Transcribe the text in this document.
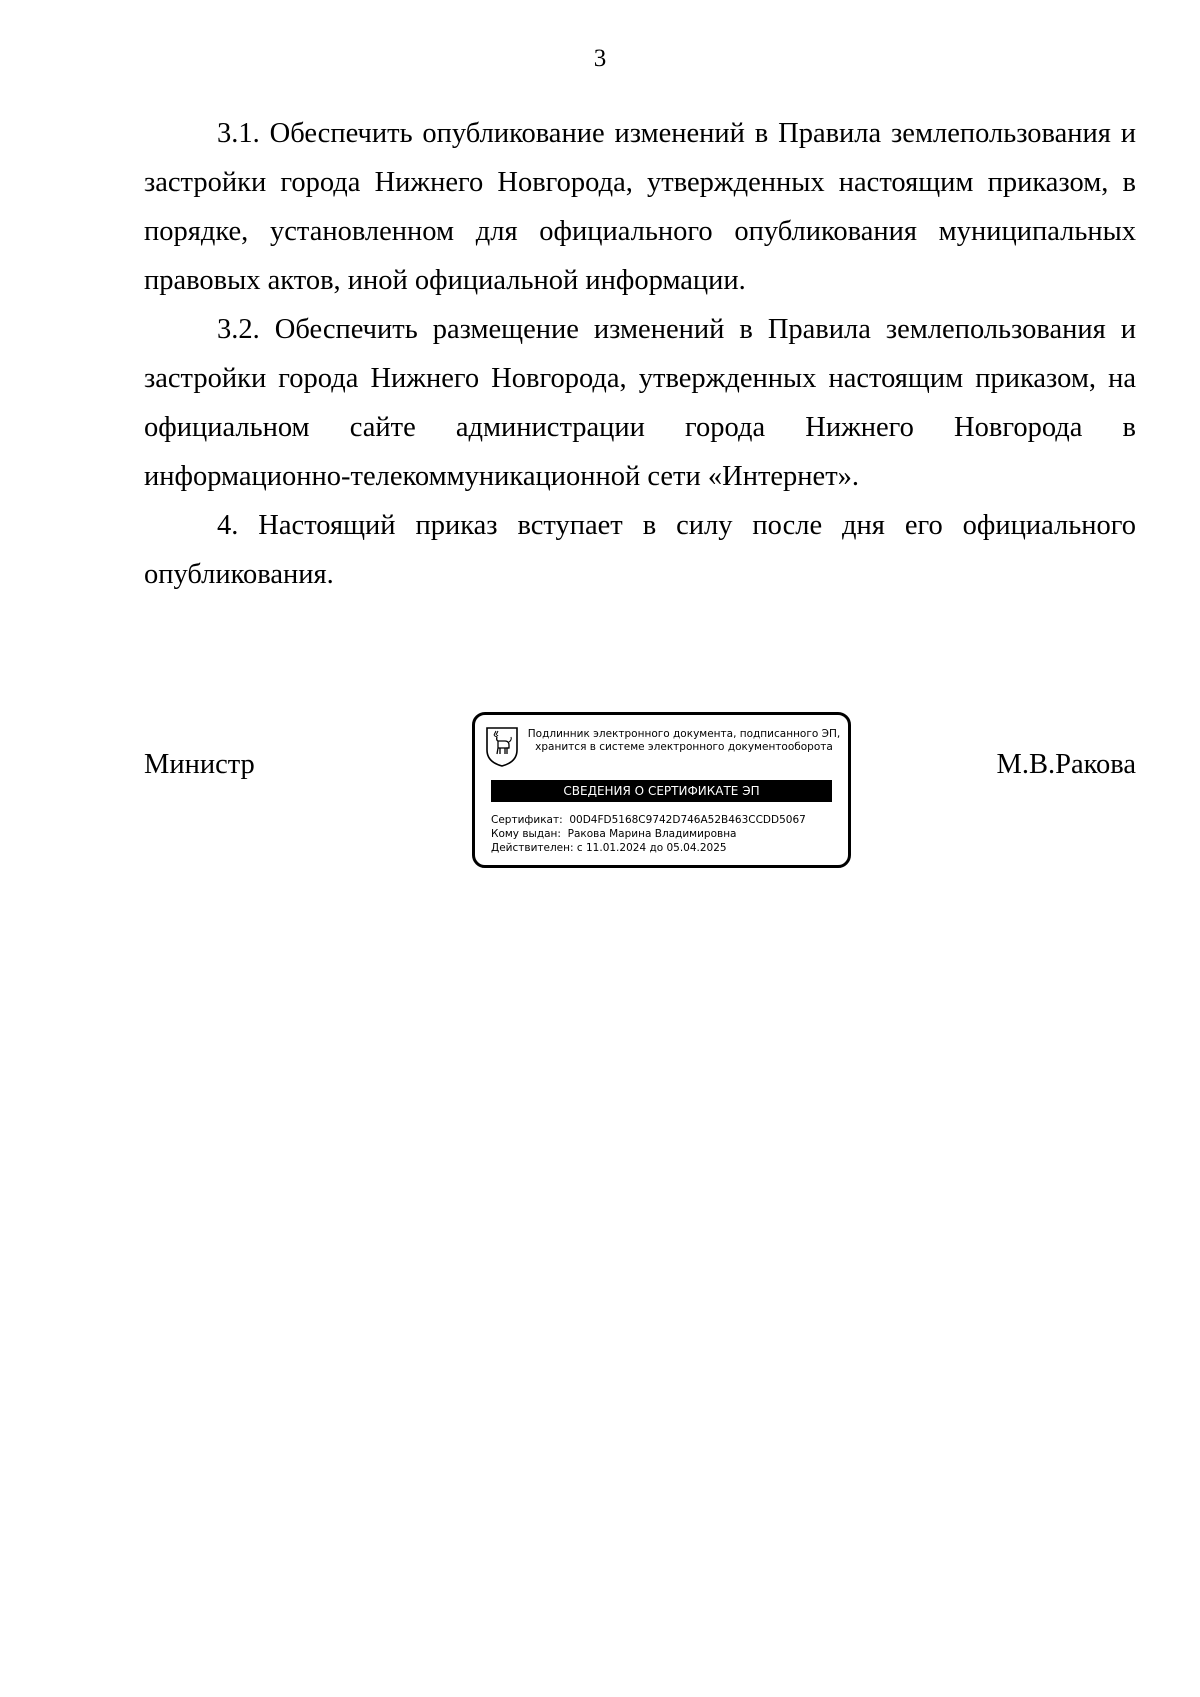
3

3.1. Обеспечить опубликование изменений в Правила землепользования и застройки города Нижнего Новгорода, утвержденных настоящим приказом, в порядке, установленном для официального опубликования муниципальных правовых актов, иной официальной информации.

3.2. Обеспечить размещение изменений в Правила землепользования и застройки города Нижнего Новгорода, утвержденных настоящим приказом, на официальном сайте администрации города Нижнего Новгорода в

информационно-телекоммуникационной сети «Интернет».

4. Настоящий приказ вступает в силу после дня его официального опубликования.

Министр	М.В.Ракова
Подлинник электронного документа, подписанного ЭП,
хранится в системе электронного документооборота
СВЕДЕНИЯ О СЕРТИФИКАТЕ ЭП
Сертификат: 00D4FD5168C9742D746A52B463CCDD5067
Кому выдан: Ракова Марина Владимировна
Действителен: с 11.01.2024 до 05.04.2025
